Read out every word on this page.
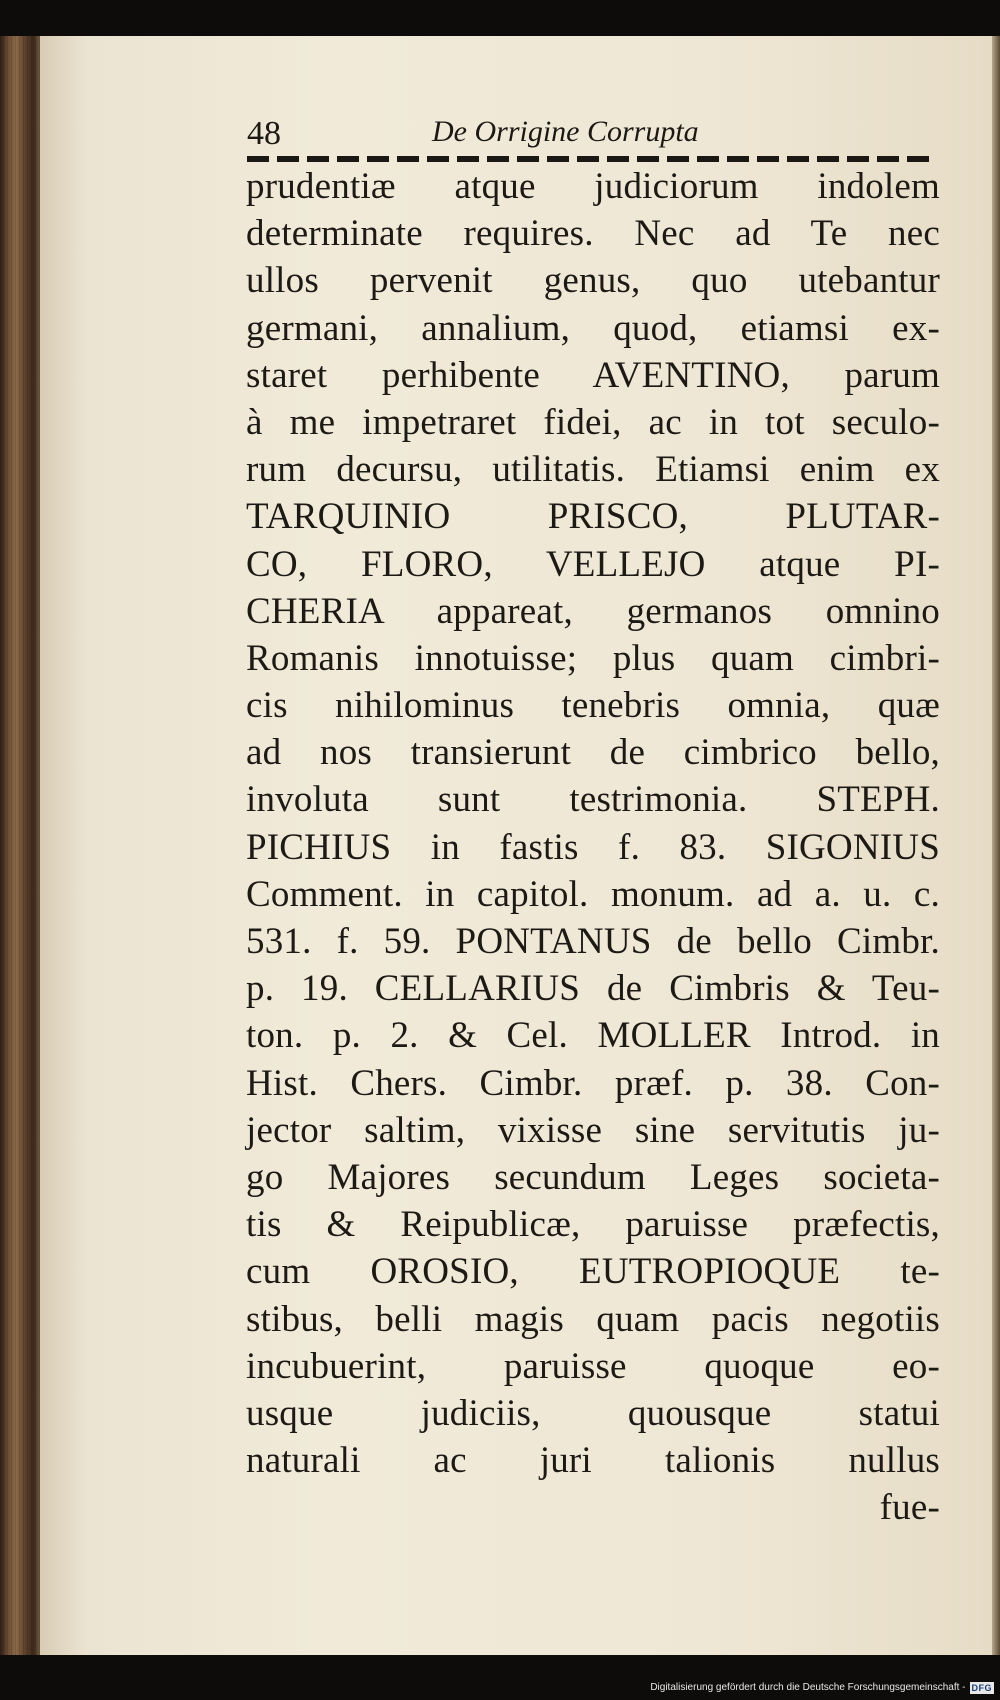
48	De Orrigine Corrupta
prudentiæ atque judiciorum indolem
determinate requires. Nec ad Te nec
ullos pervenit genus, quo utebantur
germani, annalium, quod, etiamsi ex-
staret perhibente AVENTINO, parum
à me impetraret fidei, ac in tot seculo-
rum decursu, utilitatis. Etiamsi enim ex
TARQUINIO PRISCO, PLUTAR-
CO, FLORO, VELLEJO atque PI-
CHERIA appareat, germanos omnino
Romanis innotuisse; plus quam cimbri-
cis nihilominus tenebris omnia, quæ
ad nos transierunt de cimbrico bello,
involuta sunt testrimonia. STEPH.
PICHIUS in fastis f. 83. SIGONIUS
Comment. in capitol. monum. ad a. u. c.
531. f. 59. PONTANUS de bello Cimbr.
p. 19. CELLARIUS de Cimbris & Teu-
ton. p. 2. & Cel. MOLLER Introd. in
Hist. Chers. Cimbr. præf. p. 38. Con-
jector saltim, vixisse sine servitutis ju-
go Majores secundum Leges societa-
tis & Reipublicæ, paruisse præfectis,
cum OROSIO, EUTROPIOQUE te-
stibus, belli magis quam pacis negotiis
incubuerint, paruisse quoque eo-
usque judiciis, quousque statui
naturali ac juri talionis nullus
fue-
Digitalisierung gefördert durch die Deutsche Forschungsgemeinschaft - DFG
